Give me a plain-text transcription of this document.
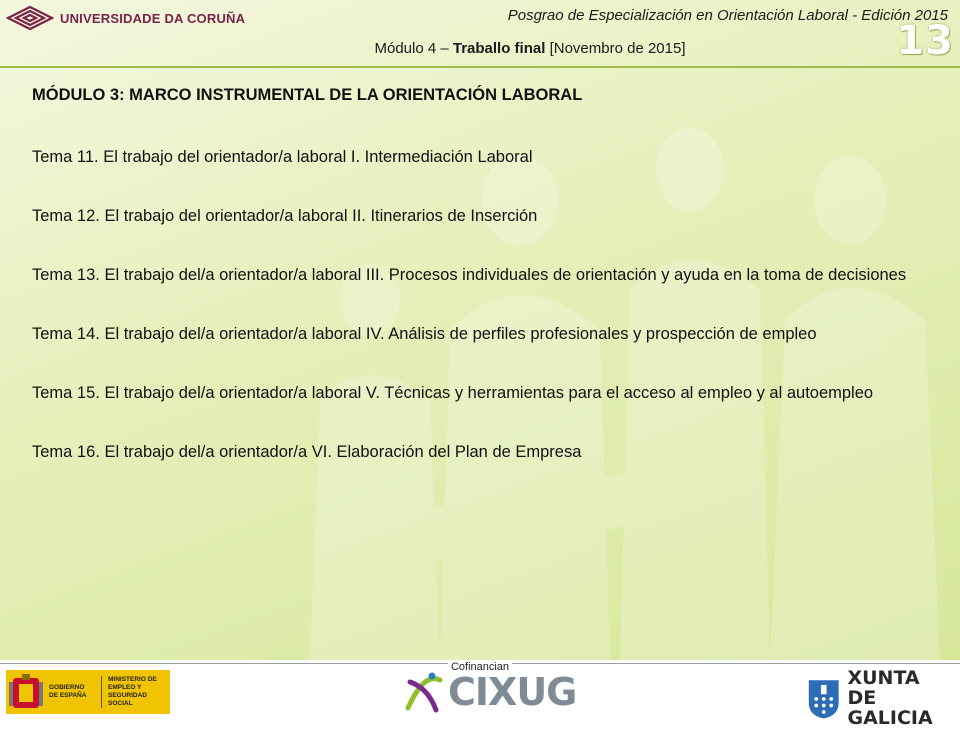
UNIVERSIDADE DA CORUÑA	Posgrao de Especialización en Orientación Laboral - Edición 2015
Módulo 4 – Traballo final [Novembro de 2015]	13

MÓDULO 3: MARCO INSTRUMENTAL DE LA ORIENTACIÓN LABORAL

Tema 11. El trabajo del orientador/a laboral I. Intermediación Laboral

Tema 12. El trabajo del orientador/a laboral II. Itinerarios de Inserción

Tema 13. El trabajo del/a orientador/a laboral III. Procesos individuales de orientación y ayuda en la toma de decisiones

Tema 14. El trabajo del/a orientador/a laboral IV. Análisis de perfiles profesionales y prospección de empleo

Tema 15. El trabajo del/a orientador/a laboral V. Técnicas y herramientas para el acceso al empleo y al autoempleo

Tema 16. El trabajo del/a orientador/a VI. Elaboración del Plan de Empresa

Cofinancian
GOBIERNO DE ESPAÑA
MINISTERIO DE EMPLEO Y SEGURIDAD SOCIAL	CIXUG	XUNTA
DE GALICIA
